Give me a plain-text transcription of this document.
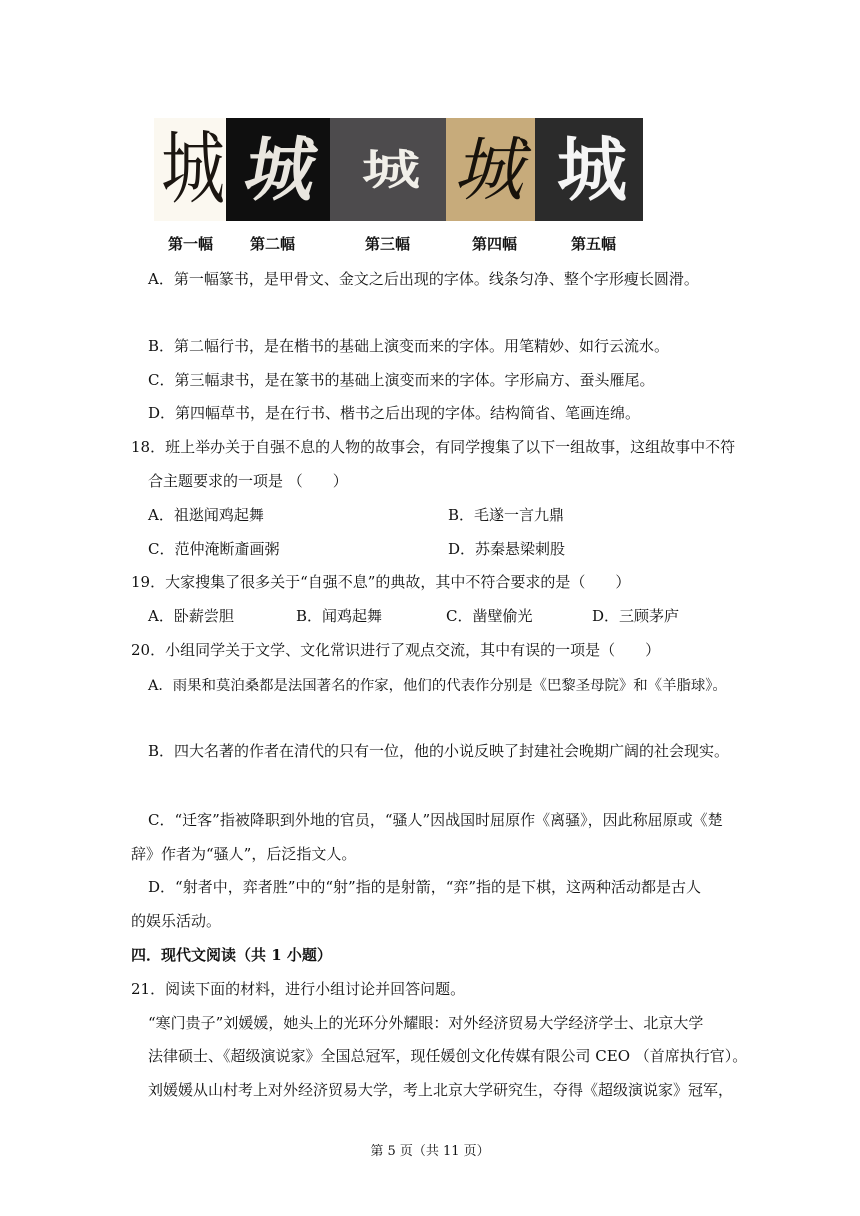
城 城 城 城 城
第一幅 第二幅	第三幅	第四幅	第五幅
A．第一幅篆书，是甲骨文、金文之后出现的字体。线条匀净、整个字形瘦长圆滑。
B．第二幅行书，是在楷书的基础上演变而来的字体。用笔精妙、如行云流水。
C．第三幅隶书，是在篆书的基础上演变而来的字体。字形扁方、蚕头雁尾。
D．第四幅草书，是在行书、楷书之后出现的字体。结构简省、笔画连绵。
18．班上举办关于自强不息的人物的故事会，有同学搜集了以下一组故事，这组故事中不符
合主题要求的一项是 （　　）
A．祖逖闻鸡起舞	B．毛遂一言九鼎
C．范仲淹断齑画粥	D．苏秦悬梁刺股
19．大家搜集了很多关于“自强不息”的典故，其中不符合要求的是（　　）
A．卧薪尝胆	B．闻鸡起舞	C．凿壁偷光	D．三顾茅庐
20．小组同学关于文学、文化常识进行了观点交流，其中有误的一项是（　　）
A．雨果和莫泊桑都是法国著名的作家，他们的代表作分别是《巴黎圣母院》和《羊脂球》。
B．四大名著的作者在清代的只有一位，他的小说反映了封建社会晚期广阔的社会现实。
C．“迁客”指被降职到外地的官员，“骚人”因战国时屈原作《离骚》，因此称屈原或《楚
辞》作者为“骚人”，后泛指文人。
D．“射者中，弈者胜”中的“射”指的是射箭，“弈”指的是下棋，这两种活动都是古人
的娱乐活动。
四．现代文阅读（共 1 小题）
21．阅读下面的材料，进行小组讨论并回答问题。
“寒门贵子”刘媛媛，她头上的光环分外耀眼：对外经济贸易大学经济学士、北京大学
法律硕士、《超级演说家》全国总冠军，现任媛创文化传媒有限公司 CEO （首席执行官）。
刘媛媛从山村考上对外经济贸易大学，考上北京大学研究生，夺得《超级演说家》冠军，
第 5 页（共 11 页）
